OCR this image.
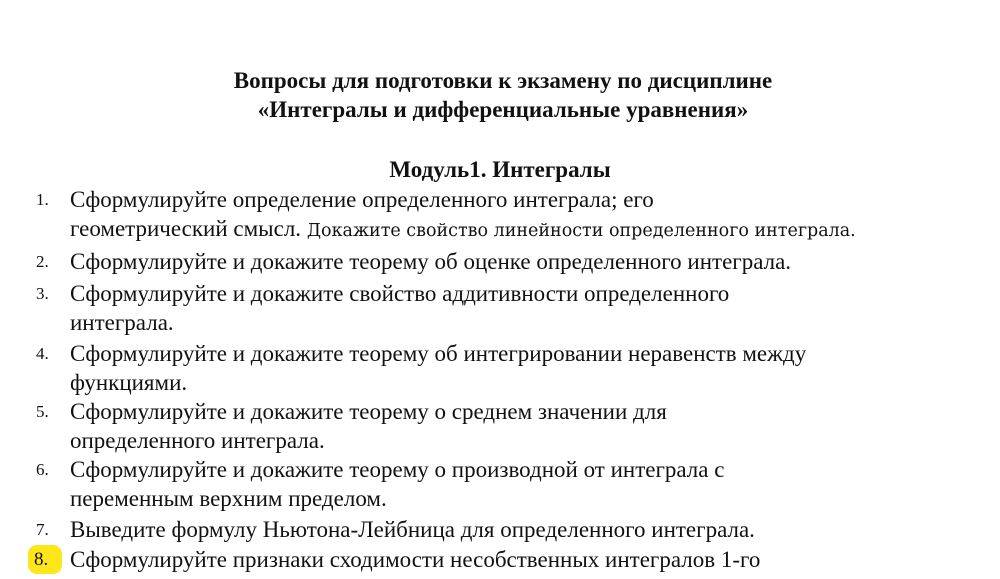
Вопросы для подготовки к экзамену по дисциплине
«Интегралы и дифференциальные уравнения»
Модуль1. Интегралы
1. Сформулируйте определение определенного интеграла; его
геометрический смысл. Докажите свойство линейности определенного интеграла.
2. Сформулируйте и докажите теорему об оценке определенного интеграла.
3. Сформулируйте и докажите свойство аддитивности определенного
интеграла.
4. Сформулируйте и докажите теорему об интегрировании неравенств между
функциями.
5. Сформулируйте и докажите теорему о среднем значении для
определенного интеграла.
6. Сформулируйте и докажите теорему о производной от интеграла с
переменным верхним пределом.
7. Выведите формулу Ньютона-Лейбница для определенного интеграла.
8. Сформулируйте признаки сходимости несобственных интегралов 1-го
